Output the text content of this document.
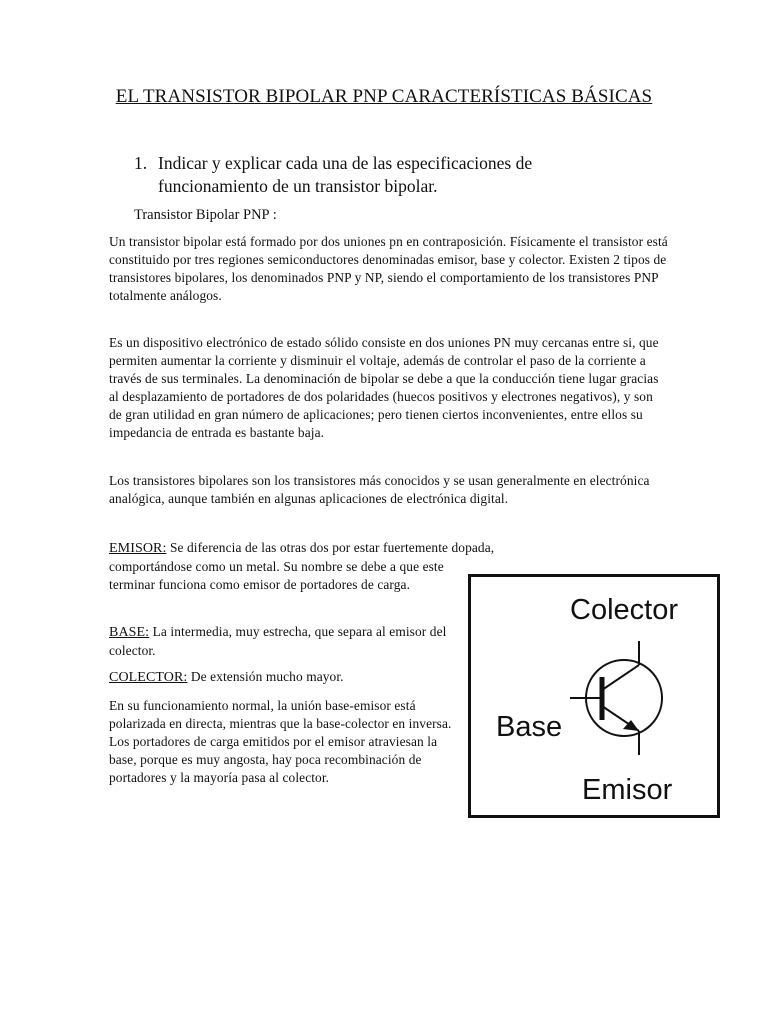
EL TRANSISTOR BIPOLAR PNP CARACTERÍSTICAS BÁSICAS
1. Indicar y explicar cada una de las especificaciones de funcionamiento de un transistor bipolar.
Transistor Bipolar PNP :
Un transistor bipolar está formado por dos uniones pn en contraposición. Físicamente el transistor está constituido por tres regiones semiconductores denominadas emisor, base y colector. Existen 2 tipos de transistores bipolares, los denominados PNP y NP, siendo el comportamiento de los transistores PNP totalmente análogos.
Es un dispositivo electrónico de estado sólido consiste en dos uniones PN muy cercanas entre si, que permiten aumentar la corriente y disminuir el voltaje, además de controlar el paso de la corriente a través de sus terminales. La denominación de bipolar se debe a que la conducción tiene lugar gracias al desplazamiento de portadores de dos polaridades (huecos positivos y electrones negativos), y son de gran utilidad en gran número de aplicaciones; pero tienen ciertos inconvenientes, entre ellos su impedancia de entrada es bastante baja.
Los transistores bipolares son los transistores más conocidos y se usan generalmente en electrónica analógica, aunque también en algunas aplicaciones de electrónica digital.
EMISOR: Se diferencia de las otras dos por estar fuertemente dopada,
comportándose como un metal. Su nombre se debe a que este terminar funciona como emisor de portadores de carga.
BASE: La intermedia, muy estrecha, que separa al emisor del colector.
COLECTOR: De extensión mucho mayor.
En su funcionamiento normal, la unión base-emisor está polarizada en directa, mientras que la base-colector en inversa. Los portadores de carga emitidos por el emisor atraviesan la base, porque es muy angosta, hay poca recombinación de portadores y la mayoría pasa al colector.
Colector
Base
Emisor
